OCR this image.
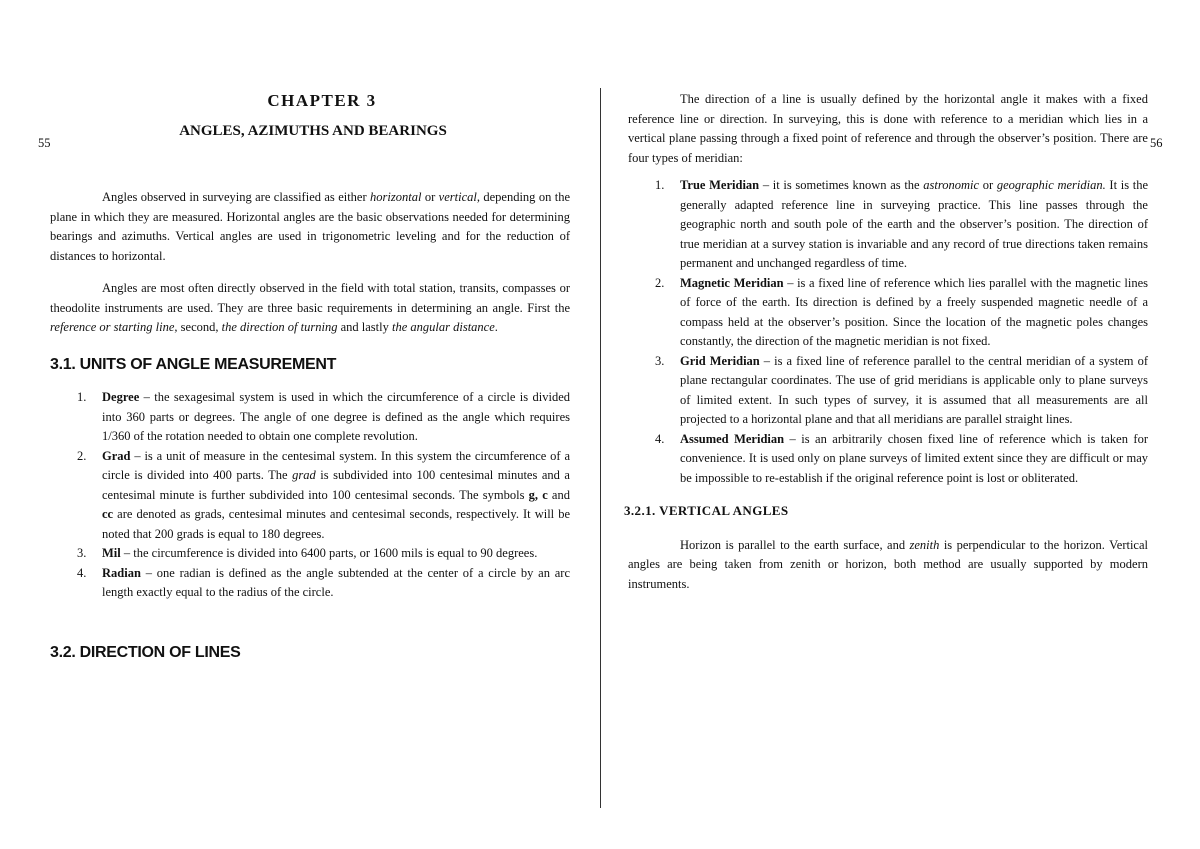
55
CHAPTER 3
ANGLES, AZIMUTHS AND BEARINGS

Angles observed in surveying are classified as either horizontal or vertical, depending on the plane in which they are measured. Horizontal angles are the basic observations needed for determining bearings and azimuths. Vertical angles are used in trigonometric leveling and for the reduction of distances to horizontal.

Angles are most often directly observed in the field with total station, transits, compasses or theodolite instruments are used. They are three basic requirements in determining an angle. First the reference or starting line, second, the direction of turning and lastly the angular distance.

3.1. UNITS OF ANGLE MEASUREMENT
1. Degree – the sexagesimal system is used in which the circumference of a circle is divided into 360 parts or degrees. The angle of one degree is defined as the angle which requires 1/360 of the rotation needed to obtain one complete revolution.
2. Grad – is a unit of measure in the centesimal system. In this system the circumference of a circle is divided into 400 parts. The grad is subdivided into 100 centesimal minutes and a centesimal minute is further subdivided into 100 centesimal seconds. The symbols g, c and cc are denoted as grads, centesimal minutes and centesimal seconds, respectively. It will be noted that 200 grads is equal to 180 degrees.
3. Mil – the circumference is divided into 6400 parts, or 1600 mils is equal to 90 degrees.
4. Radian – one radian is defined as the angle subtended at the center of a circle by an arc length exactly equal to the radius of the circle.
3.2. DIRECTION OF LINES
56

The direction of a line is usually defined by the horizontal angle it makes with a fixed reference line or direction. In surveying, this is done with reference to a meridian which lies in a vertical plane passing through a fixed point of reference and through the observer’s position. There are four types of meridian:

1. True Meridian – it is sometimes known as the astronomic or geographic meridian. It is the generally adapted reference line in surveying practice. This line passes through the geographic north and south pole of the earth and the observer’s position. The direction of true meridian at a survey station is invariable and any record of true directions taken remains permanent and unchanged regardless of time.
2. Magnetic Meridian – is a fixed line of reference which lies parallel with the magnetic lines of force of the earth. Its direction is defined by a freely suspended magnetic needle of a compass held at the observer’s position. Since the location of the magnetic poles changes constantly, the direction of the magnetic meridian is not fixed.
3. Grid Meridian – is a fixed line of reference parallel to the central meridian of a system of plane rectangular coordinates. The use of grid meridians is applicable only to plane surveys of limited extent. In such types of survey, it is assumed that all measurements are all projected to a horizontal plane and that all meridians are parallel straight lines.
4. Assumed Meridian – is an arbitrarily chosen fixed line of reference which is taken for convenience. It is used only on plane surveys of limited extent since they are difficult or may be impossible to re-establish if the original reference point is lost or obliterated.
3.2.1. VERTICAL ANGLES

Horizon is parallel to the earth surface, and zenith is perpendicular to the horizon. Vertical angles are being taken from zenith or horizon, both method are usually supported by modern instruments.
